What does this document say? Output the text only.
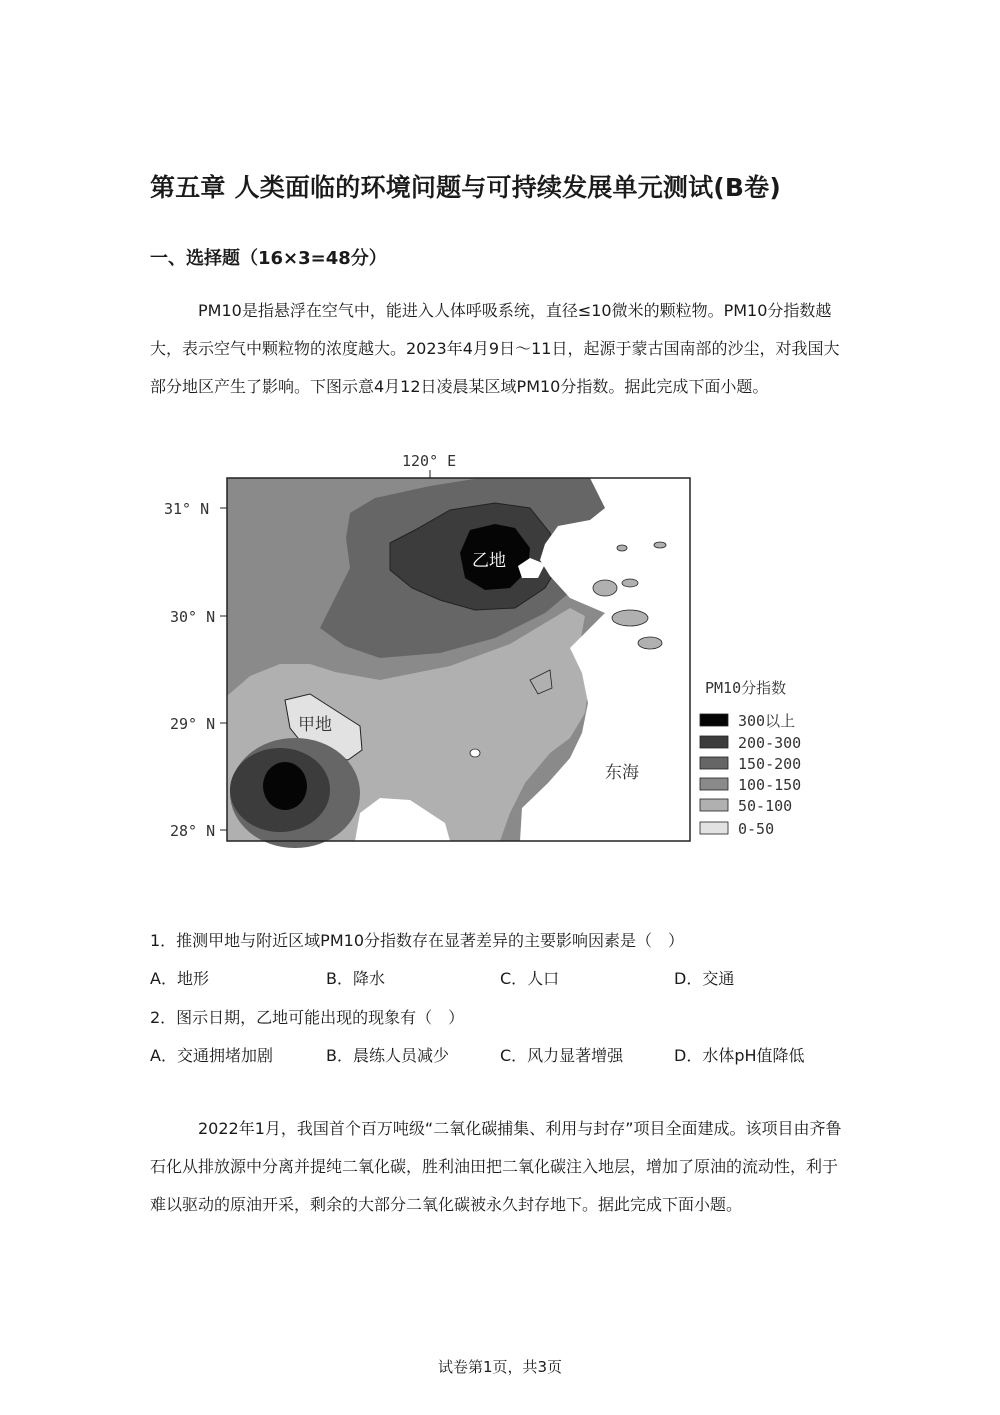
第五章 人类面临的环境问题与可持续发展单元测试(B卷)
一、选择题（16×3=48分）

PM10是指悬浮在空气中，能进入人体呼吸系统，直径≤10微米的颗粒物。PM10分指数越大，表示空气中颗粒物的浓度越大。2023年4月9日～11日，起源于蒙古国南部的沙尘，对我国大部分地区产生了影响。下图示意4月12日凌晨某区域PM10分指数。据此完成下面小题。

120° E
31° N
30° N
29° N
28° N
乙地
甲地
东海
PM10分指数
300以上
200-300
150-200
100-150
50-100
0-50
1．推测甲地与附近区域PM10分指数存在显著差异的主要影响因素是（　）
A．地形	B．降水	C．人口	D．交通
2．图示日期，乙地可能出现的现象有（　）
A．交通拥堵加剧	B．晨练人员减少	C．风力显著增强	D．水体pH值降低

2022年1月，我国首个百万吨级“二氧化碳捕集、利用与封存”项目全面建成。该项目由齐鲁石化从排放源中分离并提纯二氧化碳，胜利油田把二氧化碳注入地层，增加了原油的流动性，利于难以驱动的原油开采，剩余的大部分二氧化碳被永久封存地下。据此完成下面小题。

试卷第1页，共3页
